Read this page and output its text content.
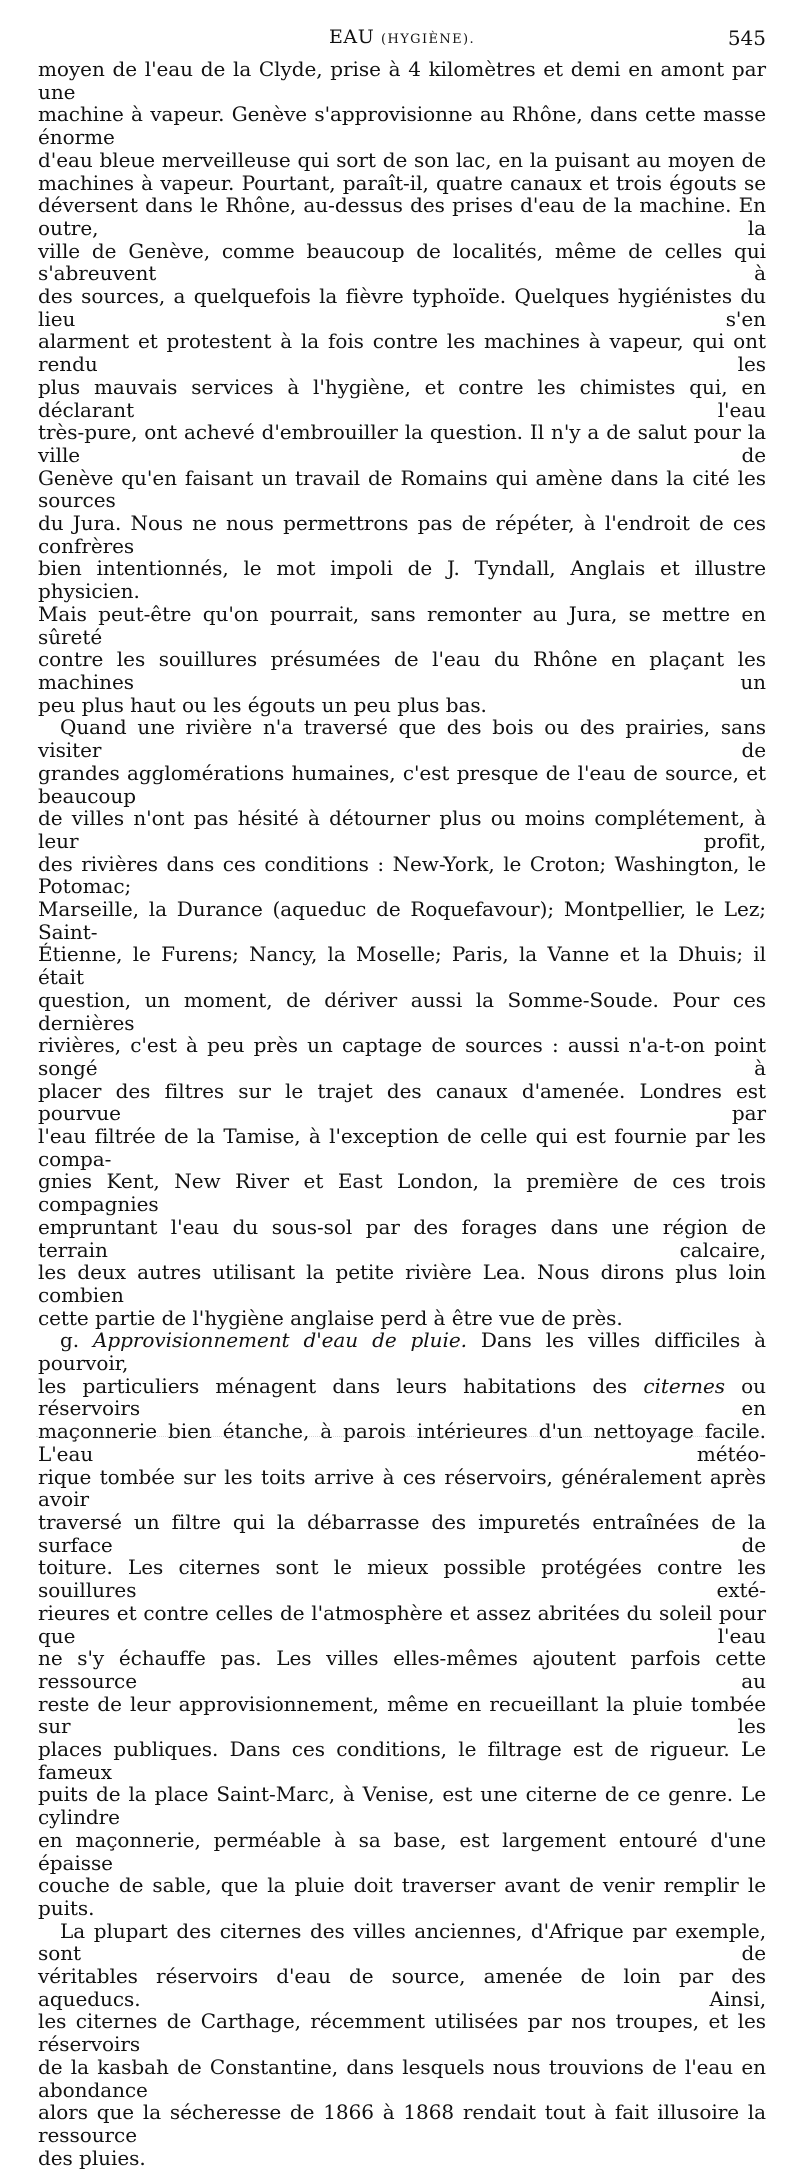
EAU (HYGIÈNE).	545

moyen de l'eau de la Clyde, prise à 4 kilomètres et demi en amont par une

machine à vapeur. Genève s'approvisionne au Rhône, dans cette masse énorme

d'eau bleue merveilleuse qui sort de son lac, en la puisant au moyen de

machines à vapeur. Pourtant, paraît-il, quatre canaux et trois égouts se

déversent dans le Rhône, au-dessus des prises d'eau de la machine. En outre, la

ville de Genève, comme beaucoup de localités, même de celles qui s'abreuvent à

des sources, a quelquefois la fièvre typhoïde. Quelques hygiénistes du lieu s'en

alarment et protestent à la fois contre les machines à vapeur, qui ont rendu les

plus mauvais services à l'hygiène, et contre les chimistes qui, en déclarant l'eau

très-pure, ont achevé d'embrouiller la question. Il n'y a de salut pour la ville de

Genève qu'en faisant un travail de Romains qui amène dans la cité les sources

du Jura. Nous ne nous permettrons pas de répéter, à l'endroit de ces confrères

bien intentionnés, le mot impoli de J. Tyndall, Anglais et illustre physicien.

Mais peut-être qu'on pourrait, sans remonter au Jura, se mettre en sûreté

contre les souillures présumées de l'eau du Rhône en plaçant les machines un

peu plus haut ou les égouts un peu plus bas.

Quand une rivière n'a traversé que des bois ou des prairies, sans visiter de

grandes agglomérations humaines, c'est presque de l'eau de source, et beaucoup

de villes n'ont pas hésité à détourner plus ou moins complétement, à leur profit,

des rivières dans ces conditions : New-York, le Croton; Washington, le Potomac;

Marseille, la Durance (aqueduc de Roquefavour); Montpellier, le Lez; Saint-

Étienne, le Furens; Nancy, la Moselle; Paris, la Vanne et la Dhuis; il était

question, un moment, de dériver aussi la Somme-Soude. Pour ces dernières

rivières, c'est à peu près un captage de sources : aussi n'a-t-on point songé à

placer des filtres sur le trajet des canaux d'amenée. Londres est pourvue par

l'eau filtrée de la Tamise, à l'exception de celle qui est fournie par les compa-

gnies Kent, New River et East London, la première de ces trois compagnies

empruntant l'eau du sous-sol par des forages dans une région de terrain calcaire,

les deux autres utilisant la petite rivière Lea. Nous dirons plus loin combien

cette partie de l'hygiène anglaise perd à être vue de près.

g. Approvisionnement d'eau de pluie. Dans les villes difficiles à pourvoir,

les particuliers ménagent dans leurs habitations des citernes ou réservoirs en

maçonnerie bien étanche, à parois intérieures d'un nettoyage facile. L'eau météo-

rique tombée sur les toits arrive à ces réservoirs, généralement après avoir

traversé un filtre qui la débarrasse des impuretés entraînées de la surface de

toiture. Les citernes sont le mieux possible protégées contre les souillures exté-

rieures et contre celles de l'atmosphère et assez abritées du soleil pour que l'eau

ne s'y échauffe pas. Les villes elles-mêmes ajoutent parfois cette ressource au

reste de leur approvisionnement, même en recueillant la pluie tombée sur les

places publiques. Dans ces conditions, le filtrage est de rigueur. Le fameux

puits de la place Saint-Marc, à Venise, est une citerne de ce genre. Le cylindre

en maçonnerie, perméable à sa base, est largement entouré d'une épaisse

couche de sable, que la pluie doit traverser avant de venir remplir le puits.

La plupart des citernes des villes anciennes, d'Afrique par exemple, sont de

véritables réservoirs d'eau de source, amenée de loin par des aqueducs. Ainsi,

les citernes de Carthage, récemment utilisées par nos troupes, et les réservoirs

de la kasbah de Constantine, dans lesquels nous trouvions de l'eau en abondance

alors que la sécheresse de 1866 à 1868 rendait tout à fait illusoire la ressource

des pluies.
